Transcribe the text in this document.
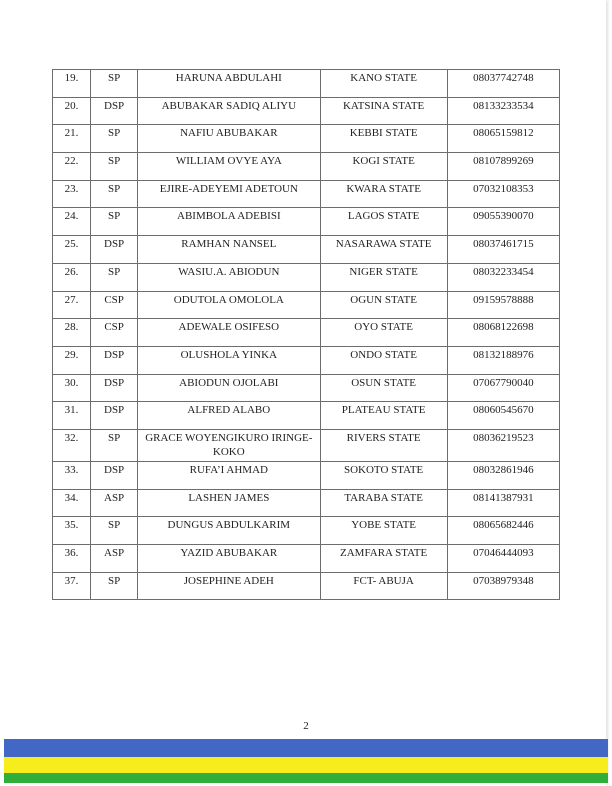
19.	SP	HARUNA ABDULAHI	KANO STATE	08037742748
20.	DSP	ABUBAKAR SADIQ ALIYU	KATSINA STATE	08133233534
21.	SP	NAFIU ABUBAKAR	KEBBI STATE	08065159812
22.	SP	WILLIAM OVYE AYA	KOGI STATE	08107899269
23.	SP	EJIRE-ADEYEMI ADETOUN	KWARA STATE	07032108353
24.	SP	ABIMBOLA ADEBISI	LAGOS STATE	09055390070
25.	DSP	RAMHAN NANSEL	NASARAWA STATE	08037461715
26.	SP	WASIU.A. ABIODUN	NIGER STATE	08032233454
27.	CSP	ODUTOLA OMOLOLA	OGUN STATE	09159578888
28.	CSP	ADEWALE OSIFESO	OYO STATE	08068122698
29.	DSP	OLUSHOLA YINKA	ONDO STATE	08132188976
30.	DSP	ABIODUN OJOLABI	OSUN STATE	07067790040
31.	DSP	ALFRED ALABO	PLATEAU STATE	08060545670
32.	SP	GRACE WOYENGIKURO IRINGE-KOKO	RIVERS STATE	08036219523
33.	DSP	RUFA’I AHMAD	SOKOTO STATE	08032861946
34.	ASP	LASHEN JAMES	TARABA STATE	08141387931
35.	SP	DUNGUS ABDULKARIM	YOBE STATE	08065682446
36.	ASP	YAZID ABUBAKAR	ZAMFARA STATE	07046444093
37.	SP	JOSEPHINE ADEH	FCT- ABUJA	07038979348
2
